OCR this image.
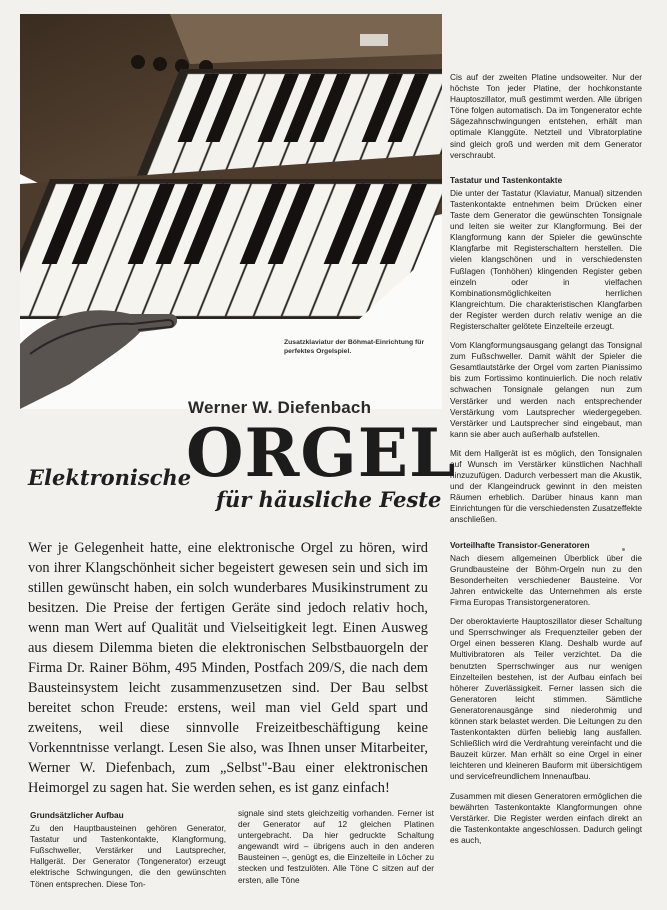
Zusatzklaviatur der Böhmat-Einrichtung für perfektes Orgelspiel.
Werner W. Diefenbach
ORGEL
Elektronische
für häusliche Feste
Wer je Gelegenheit hatte, eine elektronische Orgel zu hören, wird von ihrer Klangschönheit sicher begeistert gewesen sein und sich im stillen gewünscht haben, ein solch wunderbares Musikinstrument zu besitzen. Die Preise der fertigen Geräte sind jedoch relativ hoch, wenn man Wert auf Qualität und Vielseitigkeit legt. Einen Ausweg aus diesem Dilemma bieten die elektronischen Selbstbauorgeln der Firma Dr. Rainer Böhm, 495 Minden, Postfach 209/S, die nach dem Bausteinsystem leicht zusammenzusetzen sind. Der Bau selbst bereitet schon Freude: erstens, weil man viel Geld spart und zweitens, weil diese sinnvolle Freizeitbeschäftigung keine Vorkenntnisse verlangt. Lesen Sie also, was Ihnen unser Mitarbeiter, Werner W. Diefenbach, zum „Selbst"-Bau einer elektronischen Heimorgel zu sagen hat. Sie werden sehen, es ist ganz einfach!
Grundsätzlicher Aufbau

Zu den Hauptbausteinen gehören Generator, Tastatur und Tastenkontakte, Klangformung, Fußschweller, Verstärker und Lautsprecher, Hallgerät. Der Generator (Tongenerator) erzeugt elektrische Schwingungen, die den gewünschten Tönen entsprechen. Diese Ton-

signale sind stets gleichzeitig vorhanden. Ferner ist der Generator auf 12 gleichen Platinen untergebracht. Da hier gedruckte Schaltung angewandt wird – übrigens auch in den anderen Bausteinen –, genügt es, die Einzelteile in Löcher zu stecken und festzulöten. Alle Töne C sitzen auf der ersten, alle Töne

Cis auf der zweiten Platine undsoweiter. Nur der höchste Ton jeder Platine, der hochkonstante Hauptoszillator, muß gestimmt werden. Alle übrigen Töne folgen automatisch. Da im Tongenerator echte Sägezahnschwingungen entstehen, erhält man optimale Klanggüte. Netzteil und Vibratorplatine sind gleich groß und werden mit dem Generator verschraubt.

Tastatur und Tastenkontakte

Die unter der Tastatur (Klaviatur, Manual) sitzenden Tastenkontakte entnehmen beim Drücken einer Taste dem Generator die gewünschten Tonsignale und leiten sie weiter zur Klangformung. Bei der Klangformung kann der Spieler die gewünschte Klangfarbe mit Registerschaltern herstellen. Die vielen klangschönen und in verschiedensten Fußlagen (Tonhöhen) klingenden Register geben einzeln oder in vielfachen Kombinationsmöglichkeiten herrlichen Klangreichtum. Die charakteristischen Klangfarben der Register werden durch relativ wenige an die Registerschalter gelötete Einzelteile erzeugt.

Vom Klangformungsausgang gelangt das Tonsignal zum Fußschweller. Damit wählt der Spieler die Gesamtlautstärke der Orgel vom zarten Pianissimo bis zum Fortissimo kontinuierlich. Die noch relativ schwachen Tonsignale gelangen nun zum Verstärker und werden nach entsprechender Verstärkung vom Lautsprecher wiedergegeben. Verstärker und Lautsprecher sind eingebaut, man kann sie aber auch außerhalb aufstellen.

Mit dem Hallgerät ist es möglich, den Tonsignalen auf Wunsch im Verstärker künstlichen Nachhall hinzuzufügen. Dadurch verbessert man die Akustik, und der Klangeindruck gewinnt in den meisten Räumen erheblich. Darüber hinaus kann man Einrichtungen für die verschiedensten Zusatzeffekte anschließen.

Vorteilhafte Transistor-Generatoren

Nach diesem allgemeinen Überblick über die Grundbausteine der Böhm-Orgeln nun zu den Besonderheiten verschiedener Bausteine. Vor Jahren entwickelte das Unternehmen als erste Firma Europas Transistorgeneratoren.

Der oberoktavierte Hauptoszillator dieser Schaltung und Sperrschwinger als Frequenzteiler geben der Orgel einen besseren Klang. Deshalb wurde auf Multivibratoren als Teiler verzichtet. Da die benutzten Sperrschwinger aus nur wenigen Einzelteilen bestehen, ist der Aufbau einfach bei höherer Zuverlässigkeit. Ferner lassen sich die Generatoren leicht stimmen. Sämtliche Generatorenausgänge sind niederohmig und können stark belastet werden. Die Leitungen zu den Tastenkontakten dürfen beliebig lang ausfallen. Schließlich wird die Verdrahtung vereinfacht und die Bauzeit kürzer. Man erhält so eine Orgel in einer leichteren und kleineren Bauform mit übersichtigem und servicefreundlichem Innenaufbau.

Zusammen mit diesen Generatoren ermöglichen die bewährten Tastenkontakte Klangformungen ohne Verstärker. Die Register werden einfach direkt an die Tastenkontakte angeschlossen. Dadurch gelingt es auch,
